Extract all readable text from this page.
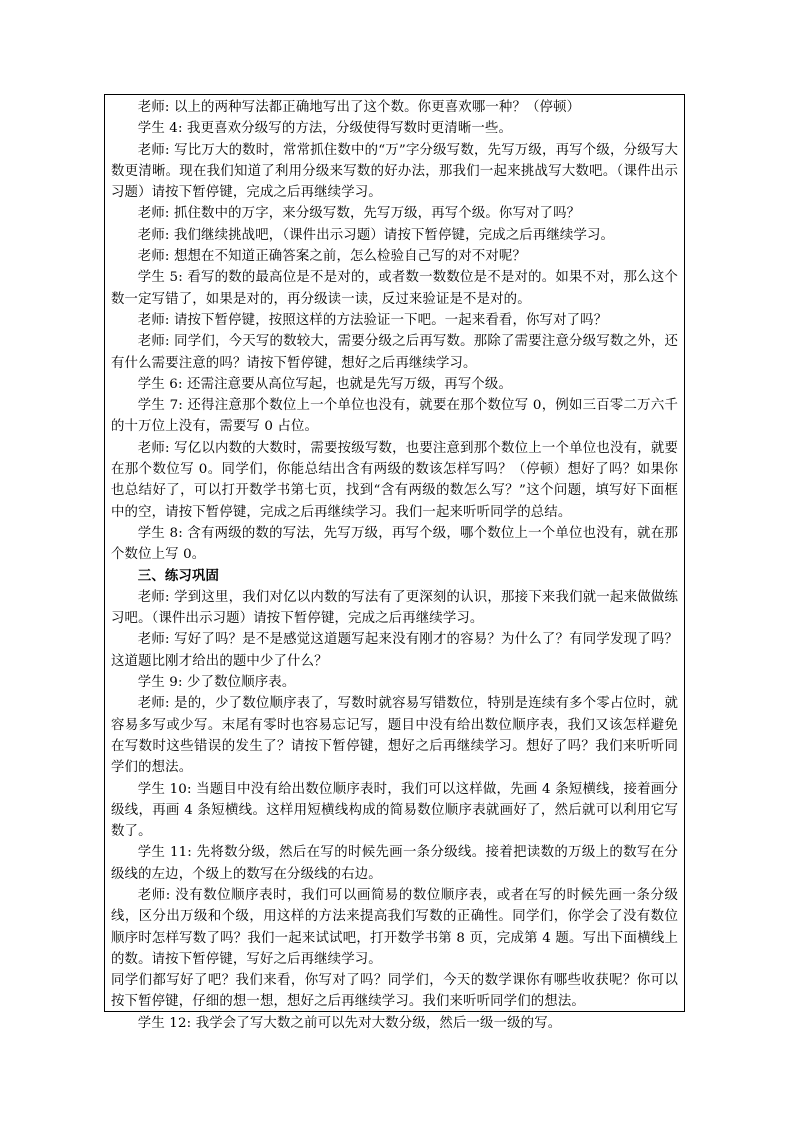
老师: 以上的两种写法都正确地写出了这个数。你更喜欢哪一种？（停顿）

学生 4: 我更喜欢分级写的方法，分级使得写数时更清晰一些。

老师: 写比万大的数时，常常抓住数中的“万”字分级写数，先写万级，再写个级，分级写大数更清晰。现在我们知道了利用分级来写数的好办法，那我们一起来挑战写大数吧。（课件出示习题）请按下暂停键，完成之后再继续学习。

老师: 抓住数中的万字，来分级写数，先写万级，再写个级。你写对了吗？

老师: 我们继续挑战吧，（课件出示习题）请按下暂停键，完成之后再继续学习。

老师: 想想在不知道正确答案之前，怎么检验自己写的对不对呢？

学生 5: 看写的数的最高位是不是对的，或者数一数数位是不是对的。如果不对，那么这个数一定写错了，如果是对的，再分级读一读，反过来验证是不是对的。

老师: 请按下暂停键，按照这样的方法验证一下吧。一起来看看，你写对了吗？

老师: 同学们，今天写的数较大，需要分级之后再写数。那除了需要注意分级写数之外，还有什么需要注意的吗？请按下暂停键，想好之后再继续学习。

学生 6: 还需注意要从高位写起，也就是先写万级，再写个级。

学生 7: 还得注意那个数位上一个单位也没有，就要在那个数位写 0，例如三百零二万六千的十万位上没有，需要写 0 占位。

老师: 写亿以内数的大数时，需要按级写数，也要注意到那个数位上一个单位也没有，就要在那个数位写 0。同学们，你能总结出含有两级的数该怎样写吗？（停顿）想好了吗？如果你也总结好了，可以打开数学书第七页，找到“含有两级的数怎么写？”这个问题，填写好下面框中的空，请按下暂停键，完成之后再继续学习。我们一起来听听同学的总结。

学生 8: 含有两级的数的写法，先写万级，再写个级，哪个数位上一个单位也没有，就在那个数位上写 0。

三、练习巩固

老师: 学到这里，我们对亿以内数的写法有了更深刻的认识，那接下来我们就一起来做做练习吧。（课件出示习题）请按下暂停键，完成之后再继续学习。

老师: 写好了吗？是不是感觉这道题写起来没有刚才的容易？为什么了？有同学发现了吗？这道题比刚才给出的题中少了什么？

学生 9: 少了数位顺序表。

老师: 是的，少了数位顺序表了，写数时就容易写错数位，特别是连续有多个零占位时，就容易多写或少写。末尾有零时也容易忘记写，题目中没有给出数位顺序表，我们又该怎样避免在写数时这些错误的发生了？请按下暂停键，想好之后再继续学习。想好了吗？我们来听听同学们的想法。

学生 10: 当题目中没有给出数位顺序表时，我们可以这样做，先画 4 条短横线，接着画分级线，再画 4 条短横线。这样用短横线构成的简易数位顺序表就画好了，然后就可以利用它写数了。

学生 11: 先将数分级，然后在写的时候先画一条分级线。接着把读数的万级上的数写在分级线的左边，个级上的数写在分级线的右边。

老师: 没有数位顺序表时，我们可以画简易的数位顺序表，或者在写的时候先画一条分级线，区分出万级和个级，用这样的方法来提高我们写数的正确性。同学们，你学会了没有数位顺序时怎样写数了吗？我们一起来试试吧，打开数学书第 8 页，完成第 4 题。写出下面横线上的数。请按下暂停键，写好之后再继续学习。

同学们都写好了吧？我们来看，你写对了吗？同学们，今天的数学课你有哪些收获呢？你可以按下暂停键，仔细的想一想，想好之后再继续学习。我们来听听同学们的想法。

学生 12: 我学会了写大数之前可以先对大数分级，然后一级一级的写。
